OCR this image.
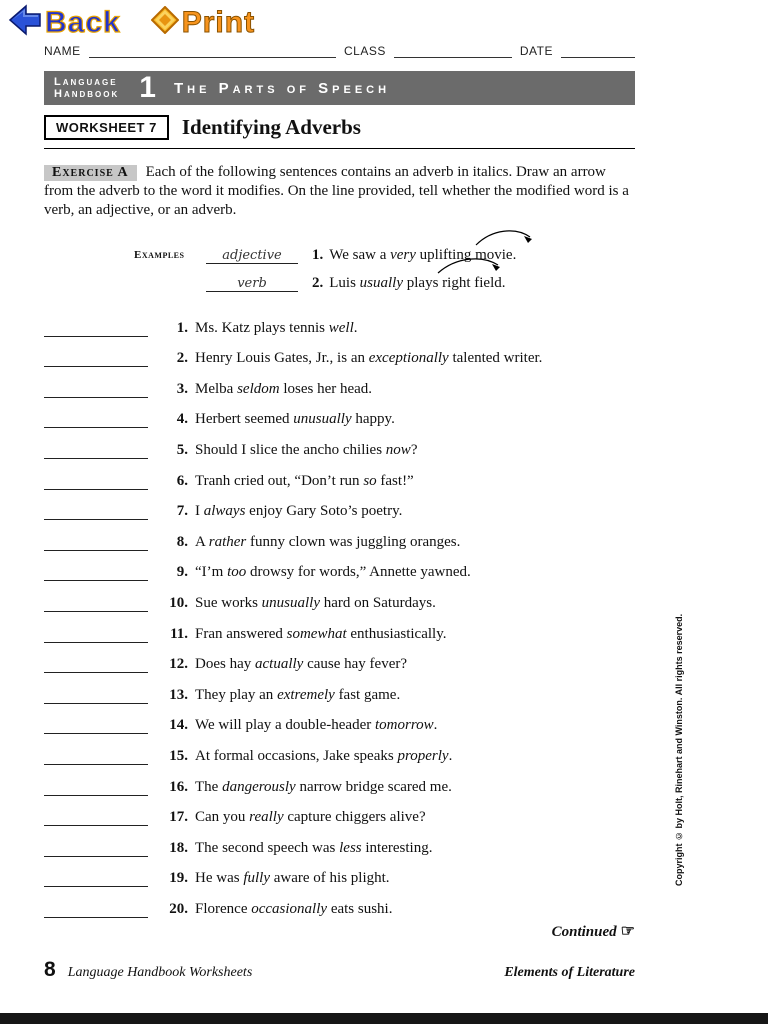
Back Print
NAME	CLASS	DATE
Language
Handbook 1 The Parts of Speech
WORKSHEET 7	Identifying Adverbs
Exercise A Each of the following sentences contains an adverb in italics. Draw an arrow from the adverb to the word it modifies. On the line provided, tell whether the modified word is a verb, an adjective, or an adverb.
Examples	adjective	1. We saw a very uplifting movie.
verb	2. Luis usually plays right field.
1. Ms. Katz plays tennis well.
2. Henry Louis Gates, Jr., is an exceptionally talented writer.
3. Melba seldom loses her head.
4. Herbert seemed unusually happy.
5. Should I slice the ancho chilies now?
6. Tranh cried out, “Don’t run so fast!”
7. I always enjoy Gary Soto’s poetry.
8. A rather funny clown was juggling oranges.
9. “I’m too drowsy for words,” Annette yawned.
10. Sue works unusually hard on Saturdays.
11. Fran answered somewhat enthusiastically.
12. Does hay actually cause hay fever?
13. They play an extremely fast game.
14. We will play a double-header tomorrow.
15. At formal occasions, Jake speaks properly.
16. The dangerously narrow bridge scared me.
17. Can you really capture chiggers alive?
18. The second speech was less interesting.
19. He was fully aware of his plight.
20. Florence occasionally eats sushi.
Continued ☞
Copyright © by Holt, Rinehart and Winston. All rights reserved.
8 Language Handbook Worksheets	Elements of Literature
